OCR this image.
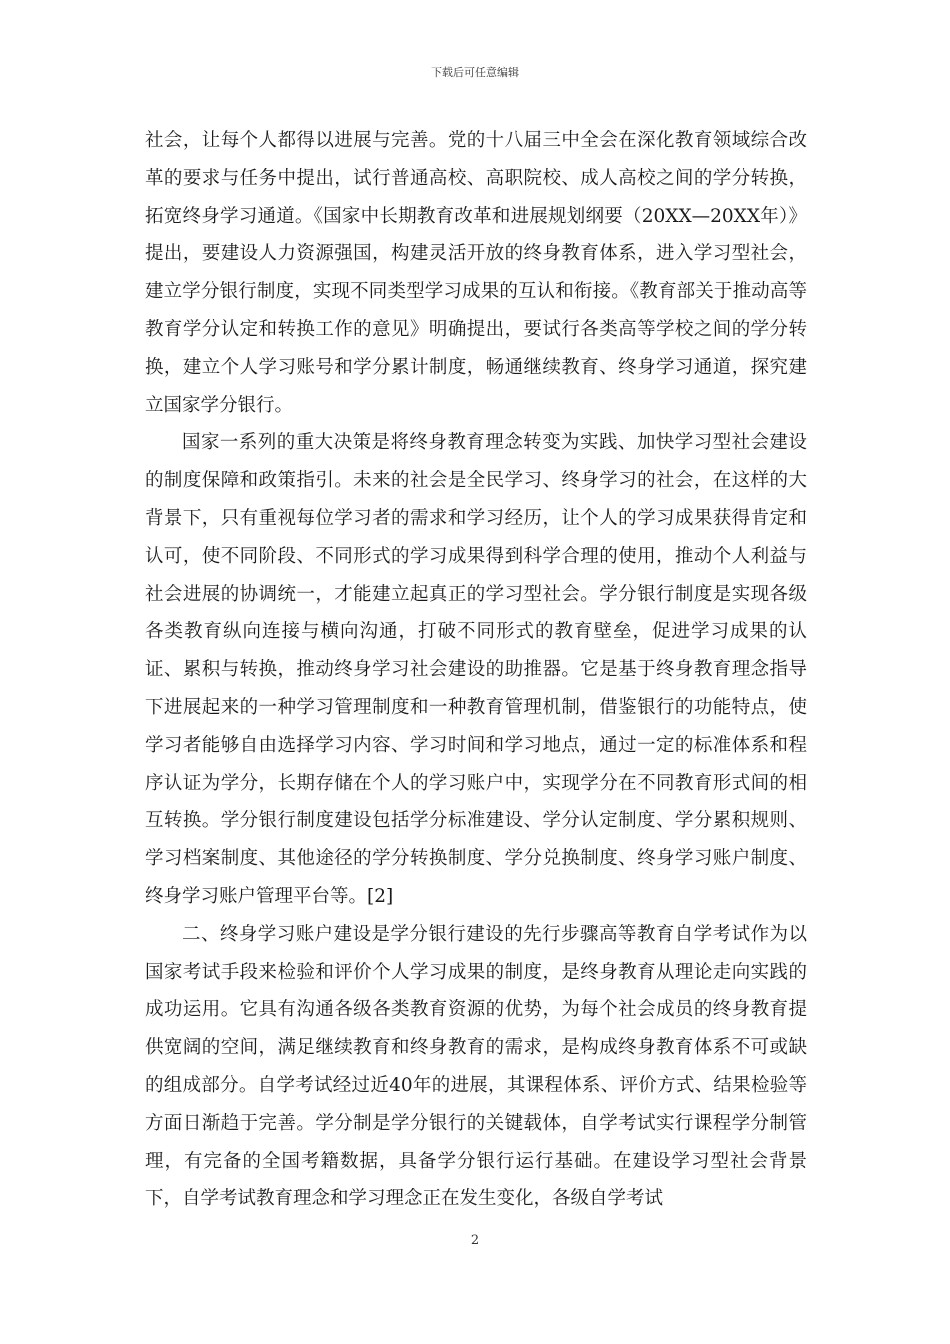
下载后可任意编辑

社会，让每个人都得以进展与完善。党的十八届三中全会在深化教育领域综合改革的要求与任务中提出，试行普通高校、高职院校、成人高校之间的学分转换，拓宽终身学习通道。《国家中长期教育改革和进展规划纲要（20XX—20XX年）》提出，要建设人力资源强国，构建灵活开放的终身教育体系，进入学习型社会，建立学分银行制度，实现不同类型学习成果的互认和衔接。《教育部关于推动高等教育学分认定和转换工作的意见》明确提出，要试行各类高等学校之间的学分转换，建立个人学习账号和学分累计制度，畅通继续教育、终身学习通道，探究建立国家学分银行。

国家一系列的重大决策是将终身教育理念转变为实践、加快学习型社会建设的制度保障和政策指引。未来的社会是全民学习、终身学习的社会，在这样的大背景下，只有重视每位学习者的需求和学习经历，让个人的学习成果获得肯定和认可，使不同阶段、不同形式的学习成果得到科学合理的使用，推动个人利益与社会进展的协调统一，才能建立起真正的学习型社会。学分银行制度是实现各级各类教育纵向连接与横向沟通，打破不同形式的教育壁垒，促进学习成果的认证、累积与转换，推动终身学习社会建设的助推器。它是基于终身教育理念指导下进展起来的一种学习管理制度和一种教育管理机制，借鉴银行的功能特点，使学习者能够自由选择学习内容、学习时间和学习地点，通过一定的标准体系和程序认证为学分，长期存储在个人的学习账户中，实现学分在不同教育形式间的相互转换。学分银行制度建设包括学分标准建设、学分认定制度、学分累积规则、学习档案制度、其他途径的学分转换制度、学分兑换制度、终身学习账户制度、终身学习账户管理平台等。[2]

二、终身学习账户建设是学分银行建设的先行步骤高等教育自学考试作为以国家考试手段来检验和评价个人学习成果的制度，是终身教育从理论走向实践的成功运用。它具有沟通各级各类教育资源的优势，为每个社会成员的终身教育提供宽阔的空间，满足继续教育和终身教育的需求，是构成终身教育体系不可或缺的组成部分。自学考试经过近40年的进展，其课程体系、评价方式、结果检验等方面日渐趋于完善。学分制是学分银行的关键载体，自学考试实行课程学分制管理，有完备的全国考籍数据，具备学分银行运行基础。在建设学习型社会背景下，自学考试教育理念和学习理念正在发生变化，各级自学考试

2
